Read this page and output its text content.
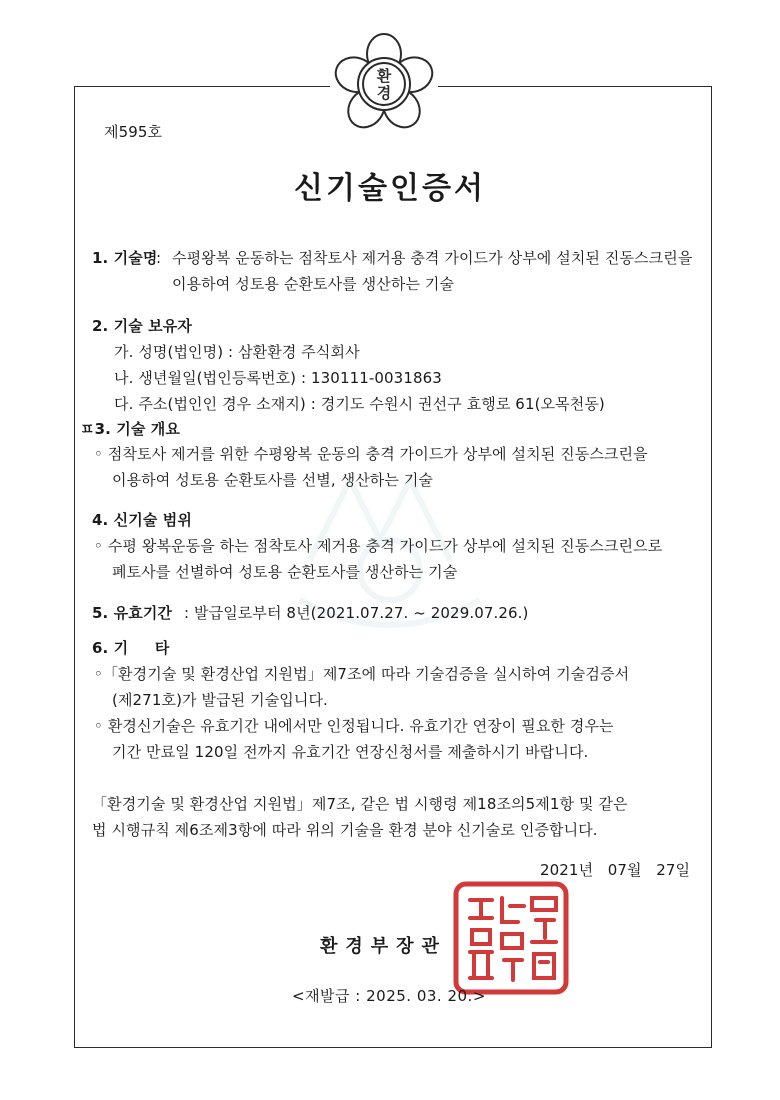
환
경
제595호
신기술인증서
1. 기술명
: 수평왕복 운동하는 점착토사 제거용 충격 가이드가 상부에 설치된 진동스크린을
이용하여 성토용 순환토사를 생산하는 기술
2. 기술 보유자
가. 성명(법인명) : 삼환환경 주식회사
나. 생년월일(법인등록번호) : 130111-0031863
다. 주소(법인인 경우 소재지) : 경기도 수원시 권선구 효행로 61(오목천동)
ㅍ3. 기술 개요
◦ 점착토사 제거를 위한 수평왕복 운동의 충격 가이드가 상부에 설치된 진동스크린을
이용하여 성토용 순환토사를 선별, 생산하는 기술
4. 신기술 범위
◦ 수평 왕복운동을 하는 점착토사 제거용 충격 가이드가 상부에 설치된 진동스크린으로
폐토사를 선별하여 성토용 순환토사를 생산하는 기술
5. 유효기간 : 발급일로부터 8년(2021.07.27. ~ 2029.07.26.)
6. 기     타
◦「환경기술 및 환경산업 지원법」제7조에 따라 기술검증을 실시하여 기술검증서
(제271호)가 발급된 기술입니다.
◦ 환경신기술은 유효기간 내에서만 인정됩니다. 유효기간 연장이 필요한 경우는
기간 만료일 120일 전까지 유효기간 연장신청서를 제출하시기 바랍니다.
「환경기술 및 환경산업 지원법」제7조, 같은 법 시행령 제18조의5제1항 및 같은
법 시행규칙 제6조제3항에 따라 위의 기술을 환경 분야 신기술로 인증합니다.
2021년   07월   27일
환경부장관
<재발급 : 2025. 03. 20.>
